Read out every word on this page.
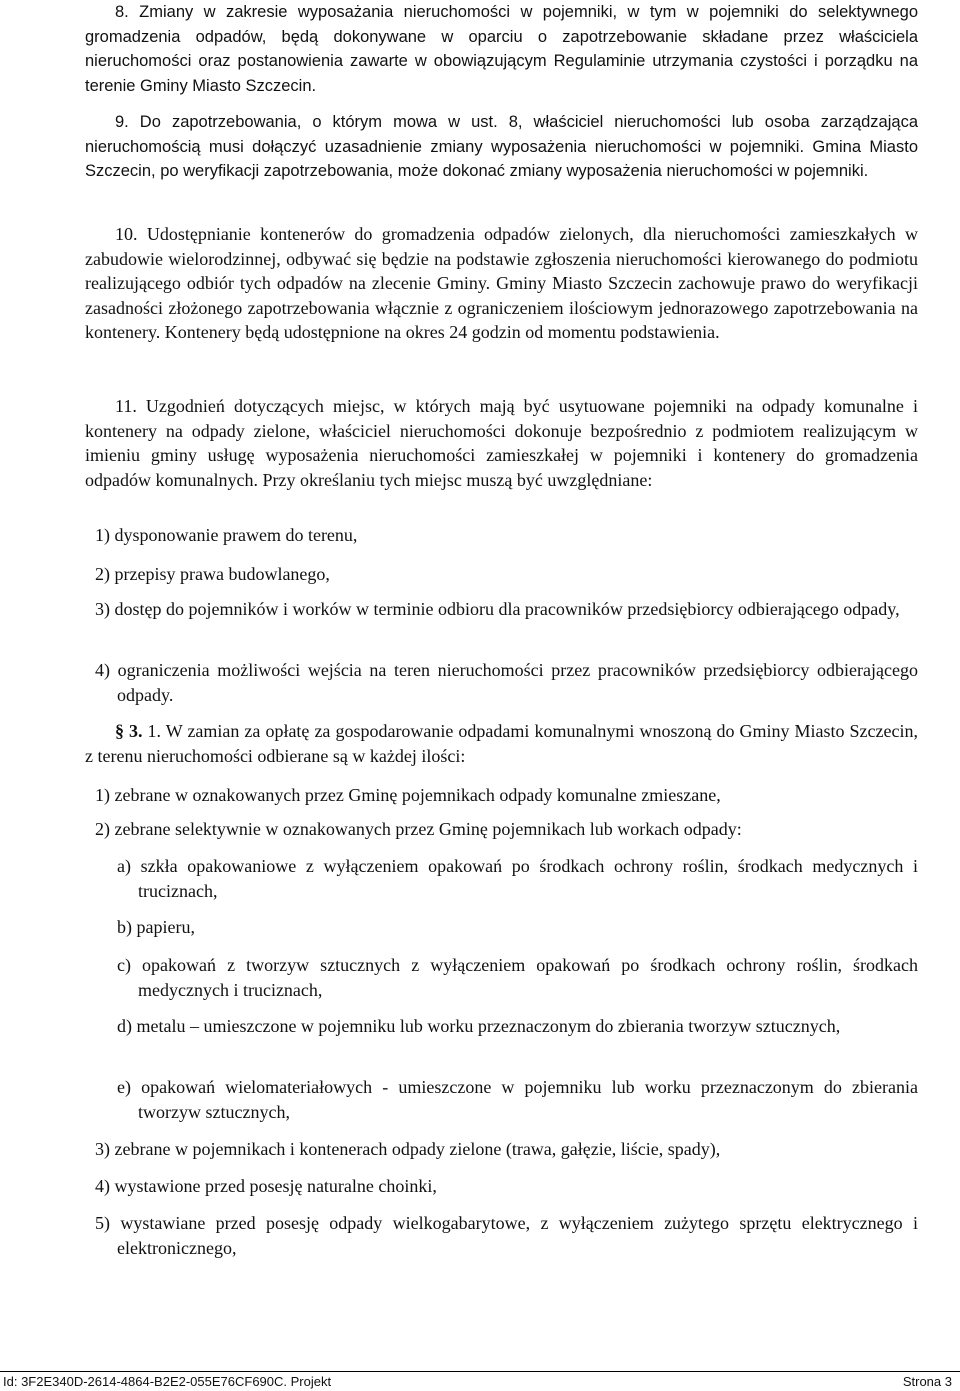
8. Zmiany w zakresie wyposażania nieruchomości w pojemniki, w tym w pojemniki do selektywnego gromadzenia odpadów, będą dokonywane w oparciu o zapotrzebowanie składane przez właściciela nieruchomości oraz postanowienia zawarte w obowiązującym Regulaminie utrzymania czystości i porządku na terenie Gminy Miasto Szczecin.

9. Do zapotrzebowania, o którym mowa w ust. 8, właściciel nieruchomości lub osoba zarządzająca nieruchomością musi dołączyć uzasadnienie zmiany wyposażenia nieruchomości w pojemniki. Gmina Miasto Szczecin, po weryfikacji zapotrzebowania, może dokonać zmiany wyposażenia nieruchomości w pojemniki.

10. Udostępnianie kontenerów do gromadzenia odpadów zielonych, dla nieruchomości zamieszkałych w zabudowie wielorodzinnej, odbywać się będzie na podstawie zgłoszenia nieruchomości kierowanego do podmiotu realizującego odbiór tych odpadów na zlecenie Gminy. Gminy Miasto Szczecin zachowuje prawo do weryfikacji zasadności złożonego zapotrzebowania włącznie z ograniczeniem ilościowym jednorazowego zapotrzebowania na kontenery. Kontenery będą udostępnione na okres 24 godzin od momentu podstawienia.

11. Uzgodnień dotyczących miejsc, w których mają być usytuowane pojemniki na odpady komunalne i kontenery na odpady zielone, właściciel nieruchomości dokonuje bezpośrednio z podmiotem realizującym w imieniu gminy usługę wyposażenia nieruchomości zamieszkałej w pojemniki i kontenery do gromadzenia odpadów komunalnych. Przy określaniu tych miejsc muszą być uwzględniane:

1) dysponowanie prawem do terenu,

2) przepisy prawa budowlanego,

3) dostęp do pojemników i worków w terminie odbioru dla pracowników przedsiębiorcy odbierającego odpady,

4) ograniczenia możliwości wejścia na teren nieruchomości przez pracowników przedsiębiorcy odbierającego odpady.

§ 3. 1. W zamian za opłatę za gospodarowanie odpadami komunalnymi wnoszoną do Gminy Miasto Szczecin, z terenu nieruchomości odbierane są w każdej ilości:

1) zebrane w oznakowanych przez Gminę pojemnikach odpady komunalne zmieszane,

2) zebrane selektywnie w oznakowanych przez Gminę pojemnikach lub workach odpady:

a) szkła opakowaniowe z wyłączeniem opakowań po środkach ochrony roślin, środkach medycznych i truciznach,

b) papieru,

c) opakowań z tworzyw sztucznych z wyłączeniem opakowań po środkach ochrony roślin, środkach medycznych i truciznach,

d) metalu – umieszczone w pojemniku lub worku przeznaczonym do zbierania tworzyw sztucznych,

e) opakowań wielomateriałowych - umieszczone w pojemniku lub worku przeznaczonym do zbierania tworzyw sztucznych,

3) zebrane w pojemnikach i kontenerach odpady zielone (trawa, gałęzie, liście, spady),

4) wystawione przed posesję naturalne choinki,

5) wystawiane przed posesję odpady wielkogabarytowe, z wyłączeniem zużytego sprzętu elektrycznego i elektronicznego,

Id: 3F2E340D-2614-4864-B2E2-055E76CF690C. Projekt	Strona 3
